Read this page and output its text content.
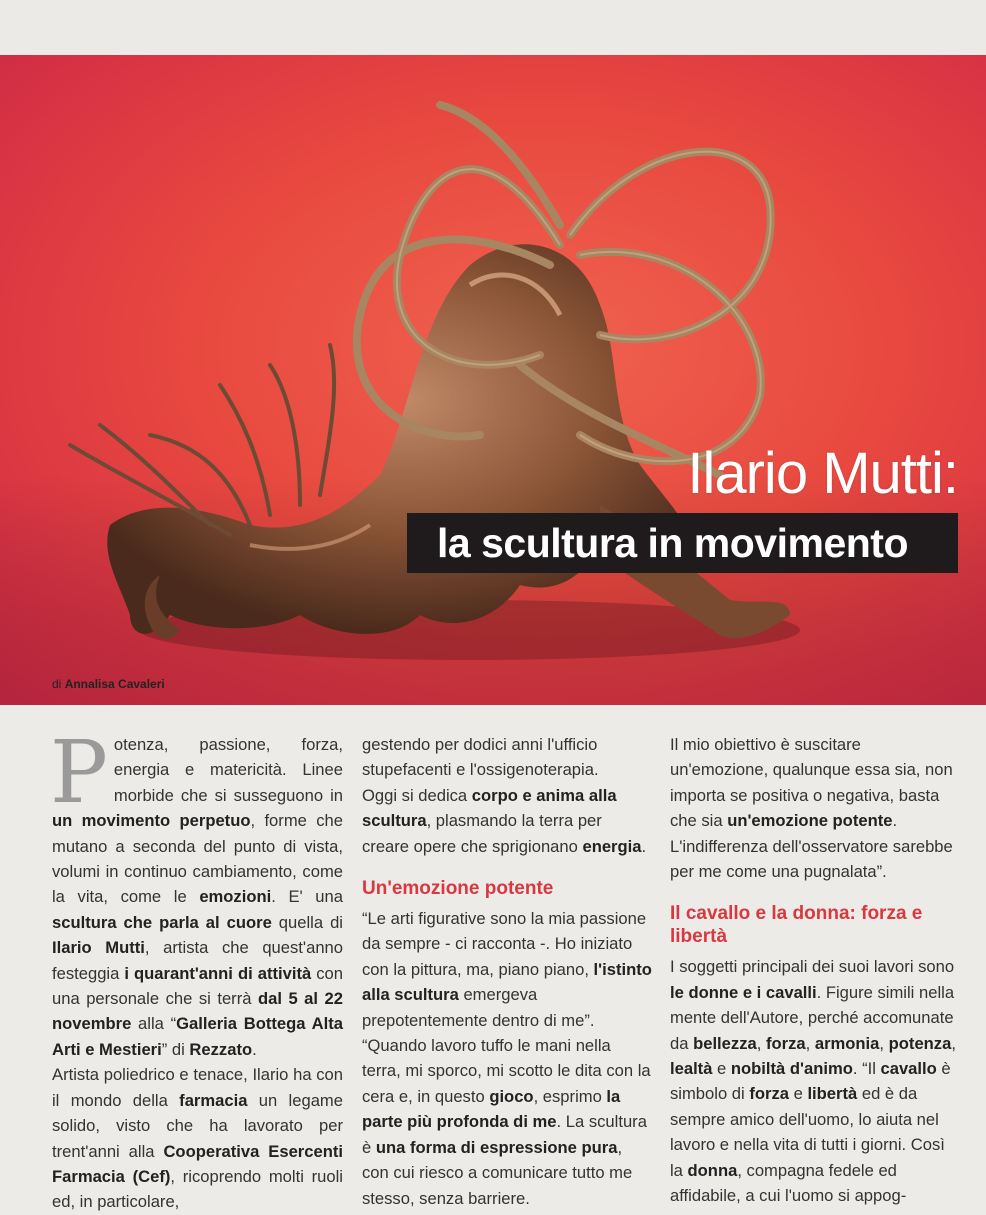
Ilario Mutti:
la scultura in movimento
di Annalisa Cavaleri
P otenza, passione, forza, energia e matericità. Linee morbide che si susseguono in un movimento perpetuo, forme che mutano a seconda del punto di vista, volumi in continuo cambiamento, come la vita, come le emozioni. E' una scultura che parla al cuore quella di Ilario Mutti, artista che quest'anno festeggia i quarant'anni di attività con una personale che si terrà dal 5 al 22 novembre alla “Galleria Bottega Alta Arti e Mestieri” di Rezzato.

Artista poliedrico e tenace, Ilario ha con il mondo della farmacia un legame solido, visto che ha lavorato per trent'anni alla Cooperativa Esercenti Farmacia (Cef), ricoprendo molti ruoli ed, in particolare,

gestendo per dodici anni l'ufficio stupefacenti e l'ossigenoterapia.

Oggi si dedica corpo e anima alla scultura, plasmando la terra per creare opere che sprigionano energia.

Un'emozione potente

“Le arti figurative sono la mia passione da sempre - ci racconta -. Ho iniziato con la pittura, ma, piano piano, l'istinto alla scultura emergeva prepotentemente dentro di me”.

“Quando lavoro tuffo le mani nella terra, mi sporco, mi scotto le dita con la cera e, in questo gioco, esprimo la parte più profonda di me. La scultura è una forma di espressione pura, con cui riesco a comunicare tutto me stesso, senza barriere.

Il mio obiettivo è suscitare un'emozione, qualunque essa sia, non importa se positiva o negativa, basta che sia un'emozione potente. L'indifferenza dell'osservatore sarebbe per me come una pugnalata”.

Il cavallo e la donna: forza e libertà

I soggetti principali dei suoi lavori sono le donne e i cavalli. Figure simili nella mente dell'Autore, perché accomunate da bellezza, forza, armonia, potenza, lealtà e nobiltà d'animo. “Il cavallo è simbolo di forza e libertà ed è da sempre amico dell'uomo, lo aiuta nel lavoro e nella vita di tutti i giorni. Così la donna, compagna fedele ed affidabile, a cui l'uomo si appog-
